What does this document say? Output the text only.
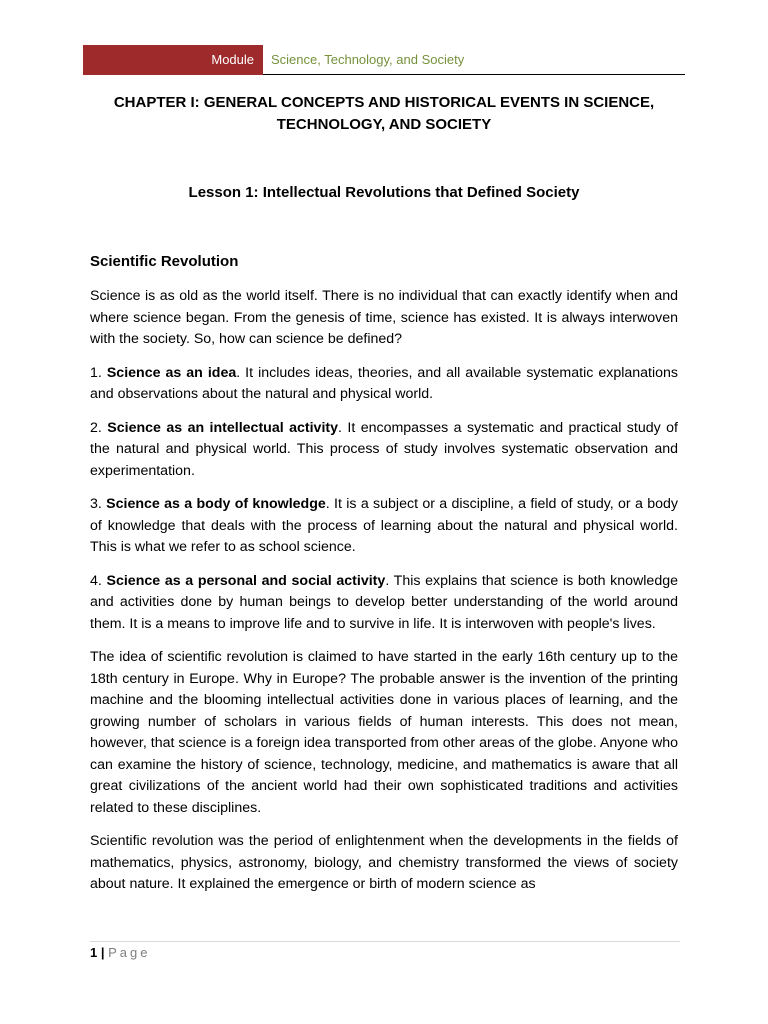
Module	Science, Technology, and Society
CHAPTER I: GENERAL CONCEPTS AND HISTORICAL EVENTS IN SCIENCE,
TECHNOLOGY, AND SOCIETY
Lesson 1: Intellectual Revolutions that Defined Society
Scientific Revolution

Science is as old as the world itself. There is no individual that can exactly identify when and where science began. From the genesis of time, science has existed. It is always interwoven with the society. So, how can science be defined?

1. Science as an idea. It includes ideas, theories, and all available systematic explanations and observations about the natural and physical world.

2. Science as an intellectual activity. It encompasses a systematic and practical study of the natural and physical world. This process of study involves systematic observation and experimentation.

3. Science as a body of knowledge. It is a subject or a discipline, a field of study, or a body of knowledge that deals with the process of learning about the natural and physical world. This is what we refer to as school science.

4. Science as a personal and social activity. This explains that science is both knowledge and activities done by human beings to develop better understanding of the world around them. It is a means to improve life and to survive in life. It is interwoven with people's lives.

The idea of scientific revolution is claimed to have started in the early 16th century up to the 18th century in Europe. Why in Europe? The probable answer is the invention of the printing machine and the blooming intellectual activities done in various places of learning, and the growing number of scholars in various fields of human interests. This does not mean, however, that science is a foreign idea transported from other areas of the globe. Anyone who can examine the history of science, technology, medicine, and mathematics is aware that all great civilizations of the ancient world had their own sophisticated traditions and activities related to these disciplines.

Scientific revolution was the period of enlightenment when the developments in the fields of mathematics, physics, astronomy, biology, and chemistry transformed the views of society about nature. It explained the emergence or birth of modern science as

1 | Page
